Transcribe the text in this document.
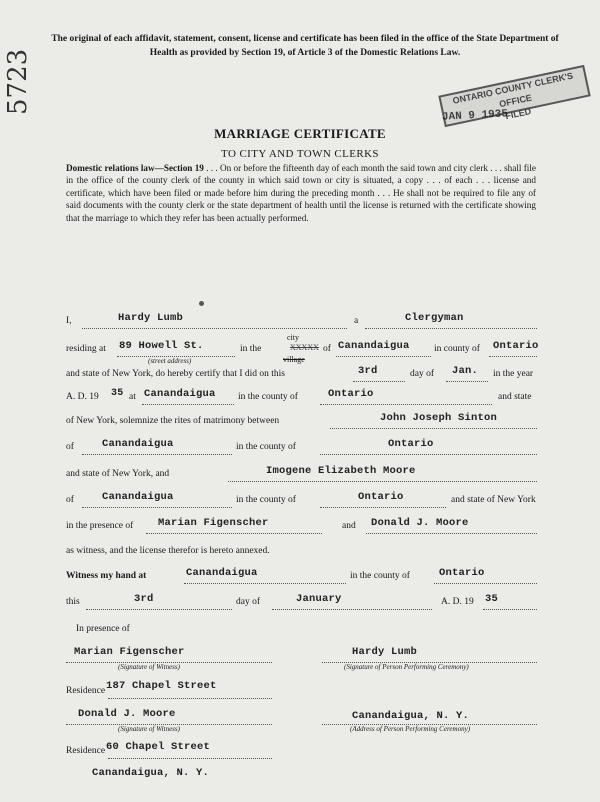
The original of each affidavit, statement, consent, license and certificate has been filed in the office of the State Department of Health as provided by Section 19, of Article 3 of the Domestic Relations Law.
ONTARIO COUNTY CLERK'S OFFICE
FILED
JAN 9 1935
5723
MARRIAGE CERTIFICATE
TO CITY AND TOWN CLERKS
Domestic relations law—Section 19 . . . On or before the fifteenth day of each month the said town and city clerk . . . shall file in the office of the county clerk of the county in which said town or city is situated, a copy . . . of each . . . license and certificate, which have been filed or made before him during the preceding month . . . He shall not be required to file any of said documents with the county clerk or the state department of health until the license is returned with the certificate showing that the marriage to which they refer has been actually performed.
I,	Hardy Lumb	a	Clergyman
residing at 89 Howell St.
(street address)
in the
city
village
XXXXX of Canandaigua	in county of Ontario
and state of New York, do hereby certify that I did on this	3rd	day of Jan. in the year
A. D. 19 35 at Canandaigua in the county of	Ontario	and state
of New York, solemnize the rites of matrimony between	John Joseph Sinton
of	Canandaigua	in the county of	Ontario
and state of New York, and	Imogene Elizabeth Moore
of	Canandaigua	in the county of	Ontario	and state of New York
in the presence of Marian Figenscher	and Donald J. Moore
as witness, and the license therefor is hereto annexed.
Witness my hand at	Canandaigua	in the county of	Ontario
this	3rd	day of	January	A. D. 19 35
In presence of
Marian Figenscher
(Signature of Witness)
Hardy Lumb
(Signature of Person Performing Ceremony)
Residence 187 Chapel Street
Donald J. Moore
(Signature of Witness)
Canandaigua, N. Y.
(Address of Person Performing Ceremony)
Residence 60 Chapel Street
Canandaigua, N. Y.
